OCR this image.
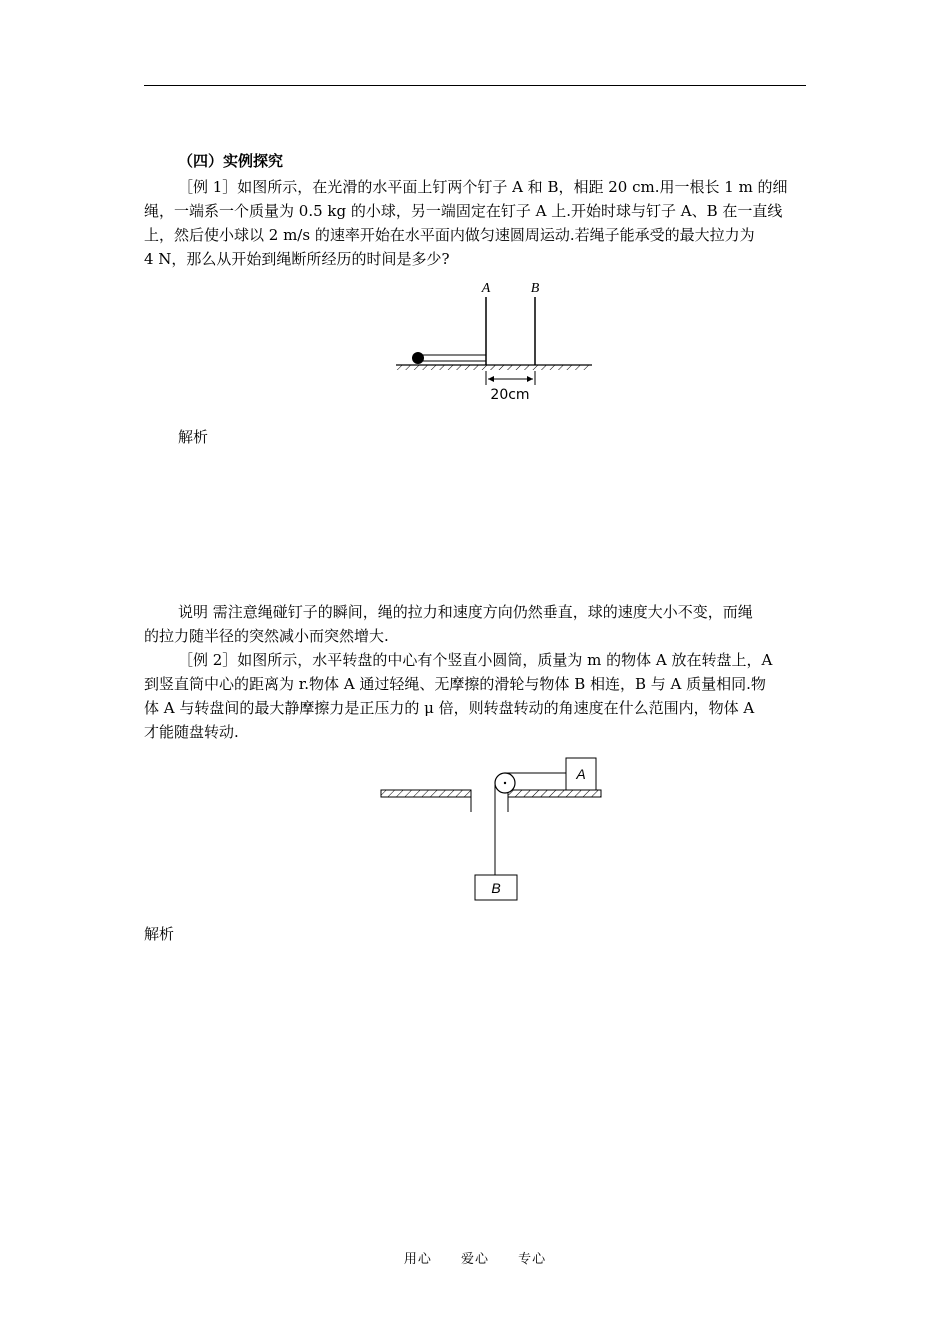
（四）实例探究

［例 1］如图所示，在光滑的水平面上钉两个钉子 A 和 B，相距 20 cm.用一根长 1 m 的细

绳，一端系一个质量为 0.5 kg 的小球，另一端固定在钉子 A 上.开始时球与钉子 A、B 在一直线

上，然后使小球以 2 m/s 的速率开始在水平面内做匀速圆周运动.若绳子能承受的最大拉力为

4 N，那么从开始到绳断所经历的时间是多少?

A	B
20cm
解析

说明 需注意绳碰钉子的瞬间，绳的拉力和速度方向仍然垂直，球的速度大小不变，而绳

的拉力随半径的突然减小而突然增大.

［例 2］如图所示，水平转盘的中心有个竖直小圆筒，质量为 m 的物体 A 放在转盘上，A

到竖直筒中心的距离为 r.物体 A 通过轻绳、无摩擦的滑轮与物体 B 相连，B 与 A 质量相同.物

体 A 与转盘间的最大静摩擦力是正压力的 μ 倍，则转盘转动的角速度在什么范围内，物体 A

才能随盘转动.

A
B
解析
用心 爱心 专心
